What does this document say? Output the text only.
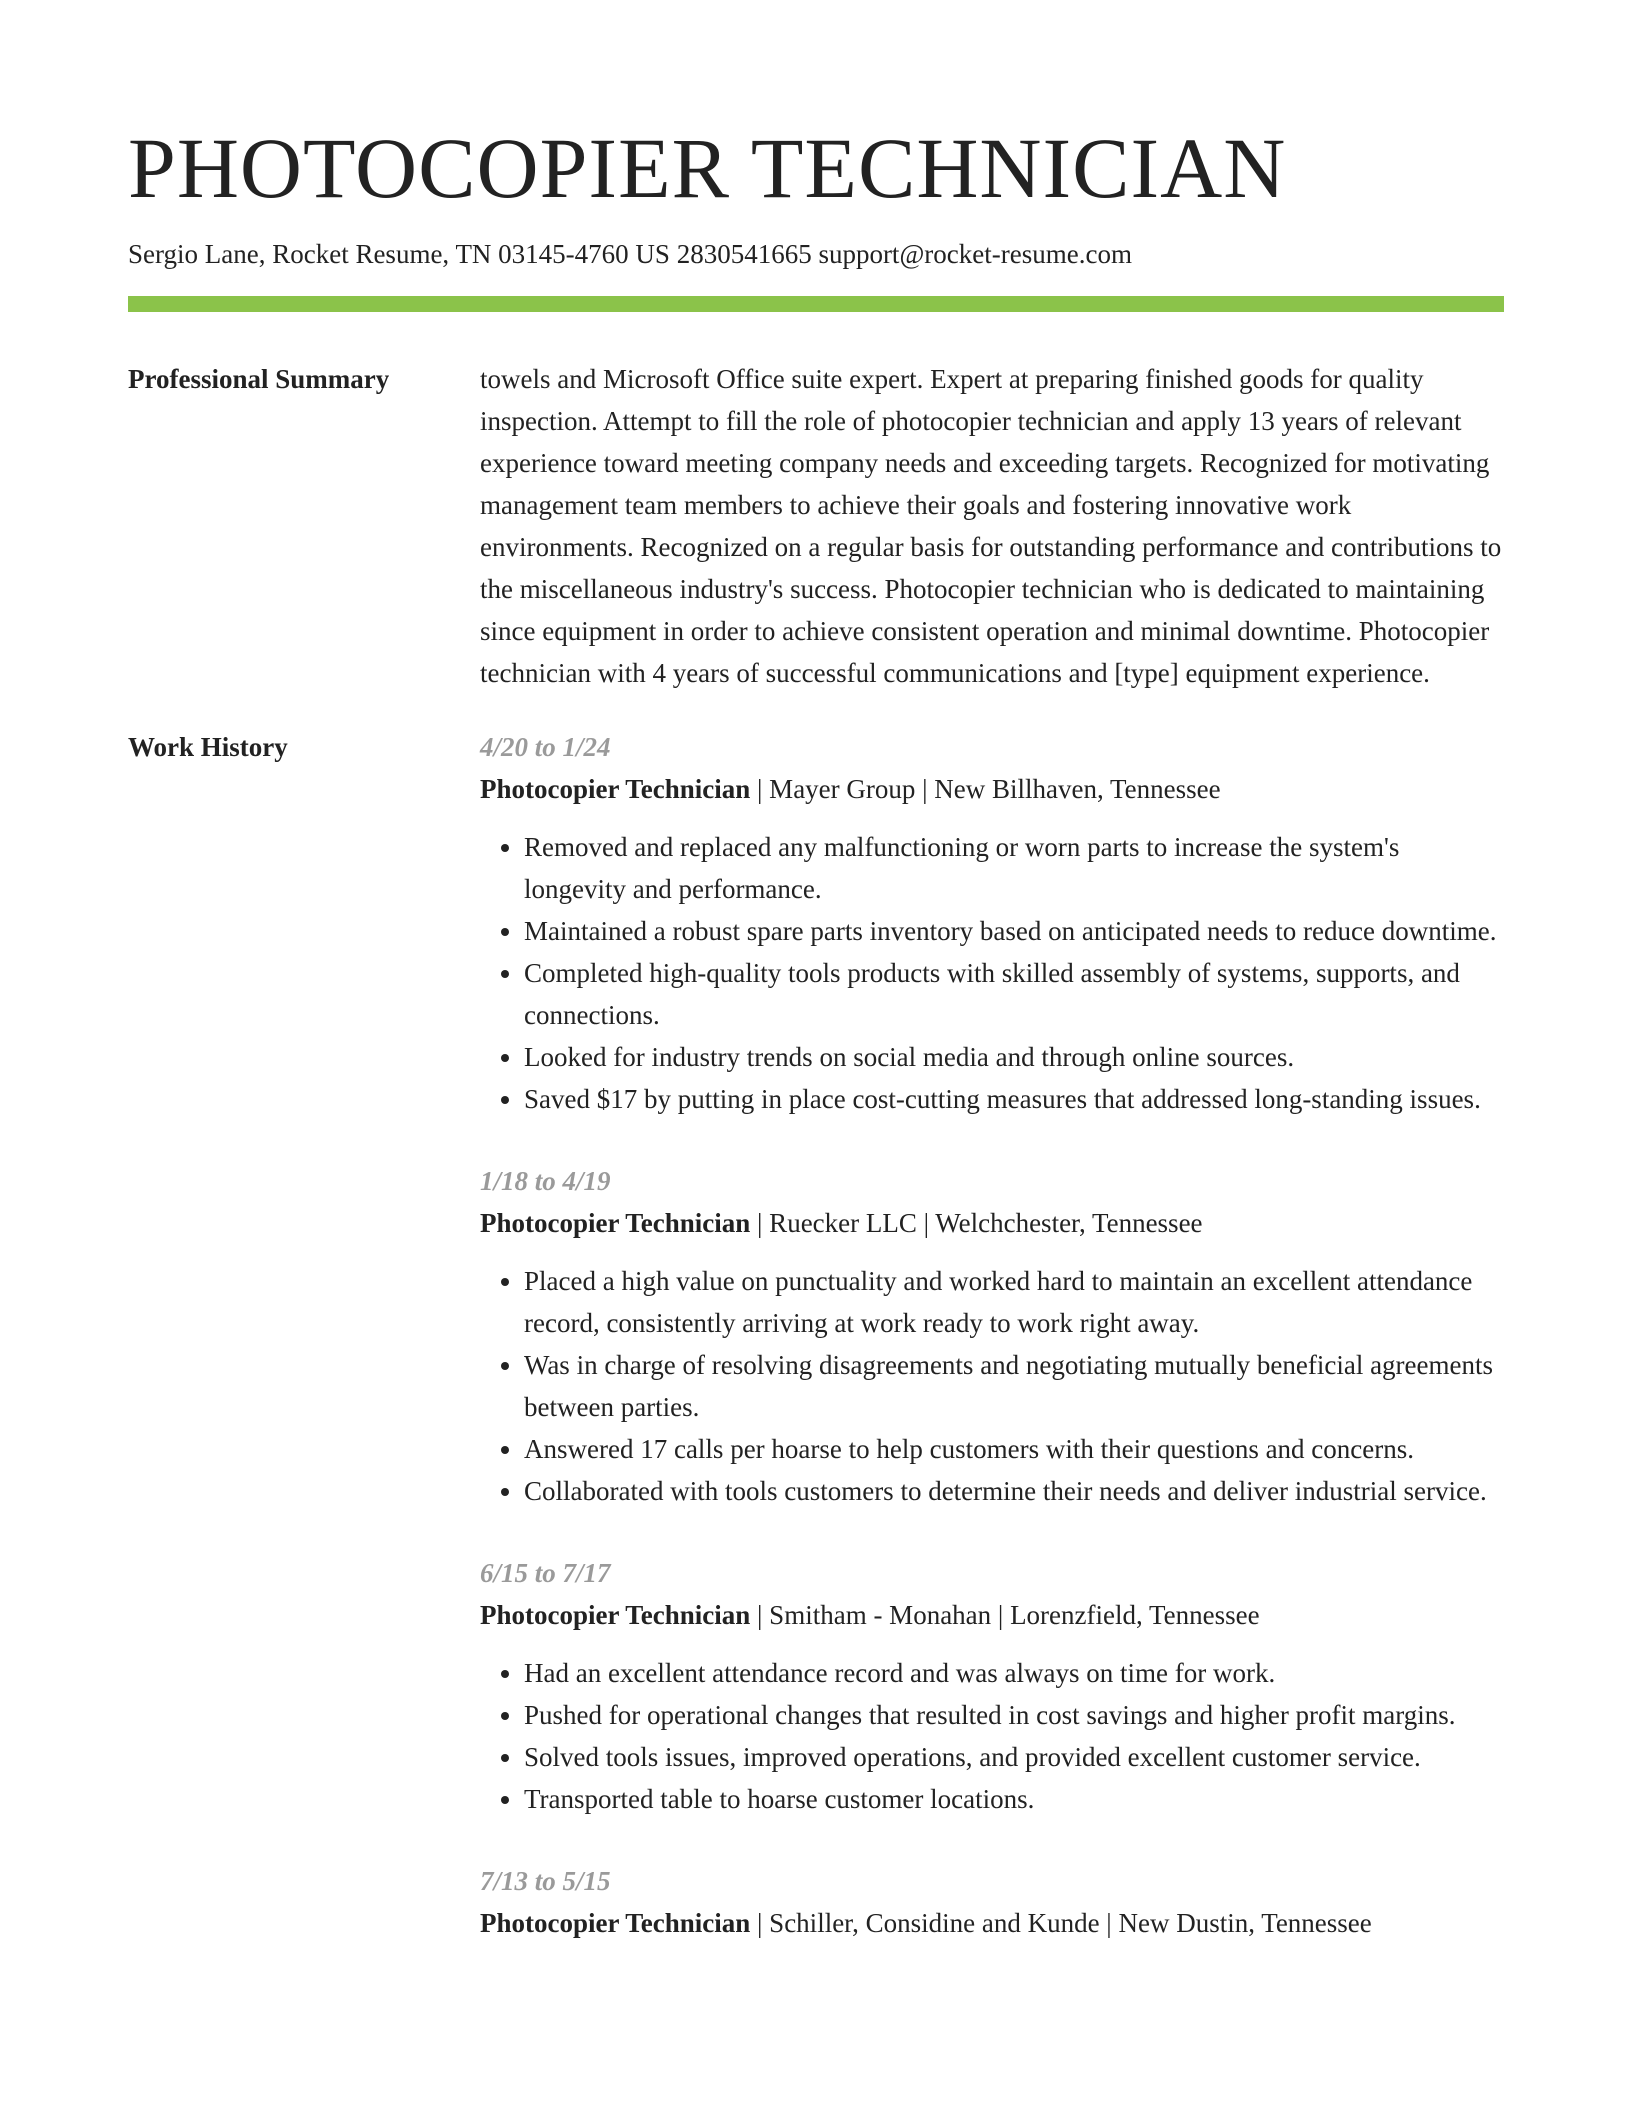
PHOTOCOPIER TECHNICIAN
Sergio Lane, Rocket Resume, TN 03145-4760 US 2830541665 support@rocket-resume.com
Professional Summary	towels and Microsoft Office suite expert. Expert at preparing finished goods for quality inspection. Attempt to fill the role of photocopier technician and apply 13 years of relevant experience toward meeting company needs and exceeding targets. Recognized for motivating management team members to achieve their goals and fostering innovative work environments. Recognized on a regular basis for outstanding performance and contributions to the miscellaneous industry's success. Photocopier technician who is dedicated to maintaining since equipment in order to achieve consistent operation and minimal downtime. Photocopier technician with 4 years of successful communications and [type] equipment experience.

Work History	4/20 to 1/24
Photocopier Technician | Mayer Group | New Billhaven, Tennessee
• Removed and replaced any malfunctioning or worn parts to increase the system's longevity and performance.
• Maintained a robust spare parts inventory based on anticipated needs to reduce downtime.
• Completed high-quality tools products with skilled assembly of systems, supports, and connections.
• Looked for industry trends on social media and through online sources.
• Saved $17 by putting in place cost-cutting measures that addressed long-standing issues.
1/18 to 4/19
Photocopier Technician | Ruecker LLC | Welchchester, Tennessee
• Placed a high value on punctuality and worked hard to maintain an excellent attendance record, consistently arriving at work ready to work right away.
• Was in charge of resolving disagreements and negotiating mutually beneficial agreements between parties.
• Answered 17 calls per hoarse to help customers with their questions and concerns.
• Collaborated with tools customers to determine their needs and deliver industrial service.
6/15 to 7/17
Photocopier Technician | Smitham - Monahan | Lorenzfield, Tennessee
• Had an excellent attendance record and was always on time for work.
• Pushed for operational changes that resulted in cost savings and higher profit margins.
• Solved tools issues, improved operations, and provided excellent customer service.
• Transported table to hoarse customer locations.
7/13 to 5/15
Photocopier Technician | Schiller, Considine and Kunde | New Dustin, Tennessee
